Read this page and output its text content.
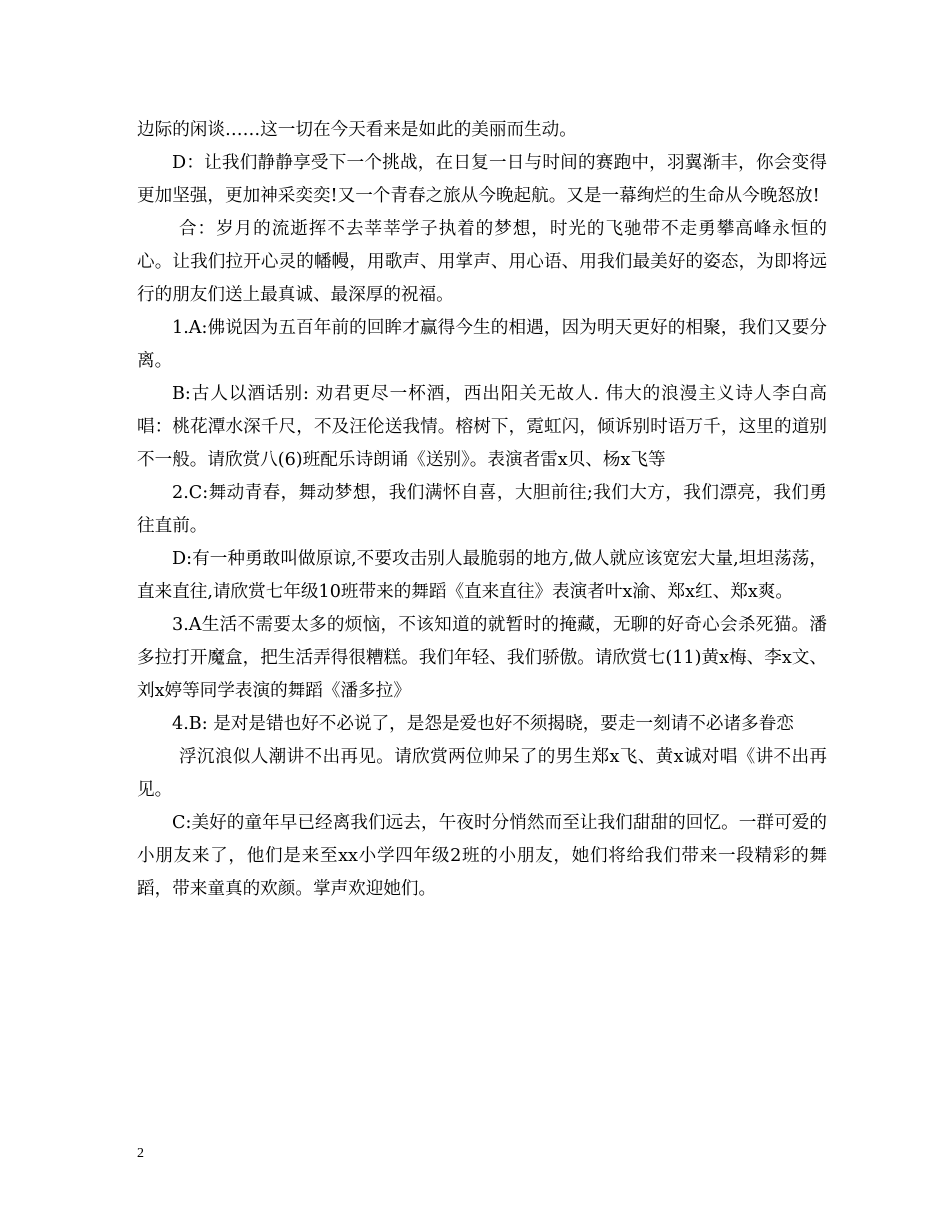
边际的闲谈……这一切在今天看来是如此的美丽而生动。

D：让我们静静享受下一个挑战，在日复一日与时间的赛跑中，羽翼渐丰，你会变得更加坚强，更加神采奕奕!又一个青春之旅从今晚起航。又是一幕绚烂的生命从今晚怒放!

合：岁月的流逝挥不去莘莘学子执着的梦想，时光的飞驰带不走勇攀高峰永恒的心。让我们拉开心灵的幡幔，用歌声、用掌声、用心语、用我们最美好的姿态，为即将远行的朋友们送上最真诚、最深厚的祝福。

1.A:佛说因为五百年前的回眸才赢得今生的相遇，因为明天更好的相聚，我们又要分离。

B:古人以酒话别: 劝君更尽一杯酒，西出阳关无故人. 伟大的浪漫主义诗人李白高唱：桃花潭水深千尺，不及汪伦送我情。榕树下，霓虹闪，倾诉别时语万千，这里的道别不一般。请欣赏八(6)班配乐诗朗诵《送别》。表演者雷x贝、杨x飞等

2.C:舞动青春，舞动梦想，我们满怀自喜，大胆前往;我们大方，我们漂亮，我们勇往直前。

D:有一种勇敢叫做原谅,不要攻击别人最脆弱的地方,做人就应该宽宏大量,坦坦荡荡，直来直往,请欣赏七年级10班带来的舞蹈《直来直往》表演者叶x渝、郑x红、郑x爽。

3.A生活不需要太多的烦恼，不该知道的就暂时的掩藏，无聊的好奇心会杀死猫。潘多拉打开魔盒，把生活弄得很糟糕。我们年轻、我们骄傲。请欣赏七(11)黄x梅、李x文、刘x婷等同学表演的舞蹈《潘多拉》

4.B: 是对是错也好不必说了，是怨是爱也好不须揭晓，要走一刻请不必诸多眷恋

浮沉浪似人潮讲不出再见。请欣赏两位帅呆了的男生郑x飞、黄x诚对唱《讲不出再见。

C:美好的童年早已经离我们远去，午夜时分悄然而至让我们甜甜的回忆。一群可爱的小朋友来了，他们是来至xx小学四年级2班的小朋友，她们将给我们带来一段精彩的舞蹈，带来童真的欢颜。掌声欢迎她们。

2
